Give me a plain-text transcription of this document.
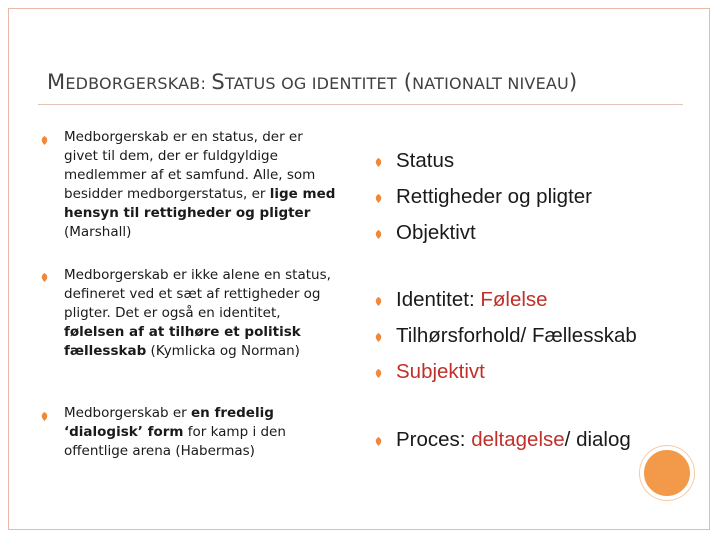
MEDBORGERSKAB: STATUS OG IDENTITET (NATIONALT NIVEAU)
Medborgerskab er en status, der er givet til dem, der er fuldgyldige medlemmer af et samfund. Alle, som besidder medborgerstatus, er lige med hensyn til rettigheder og pligter (Marshall)
Medborgerskab er ikke alene en status, defineret ved et sæt af rettigheder og pligter. Det er også en identitet, følelsen af at tilhøre et politisk fællesskab (Kymlicka og Norman)
Medborgerskab er en fredelig ‘dialogisk’ form for kamp i den offentlige arena (Habermas)
Status
Rettigheder og pligter
Objektivt
Identitet: Følelse
Tilhørsforhold/ Fællesskab
Subjektivt
Proces: deltagelse/ dialog
